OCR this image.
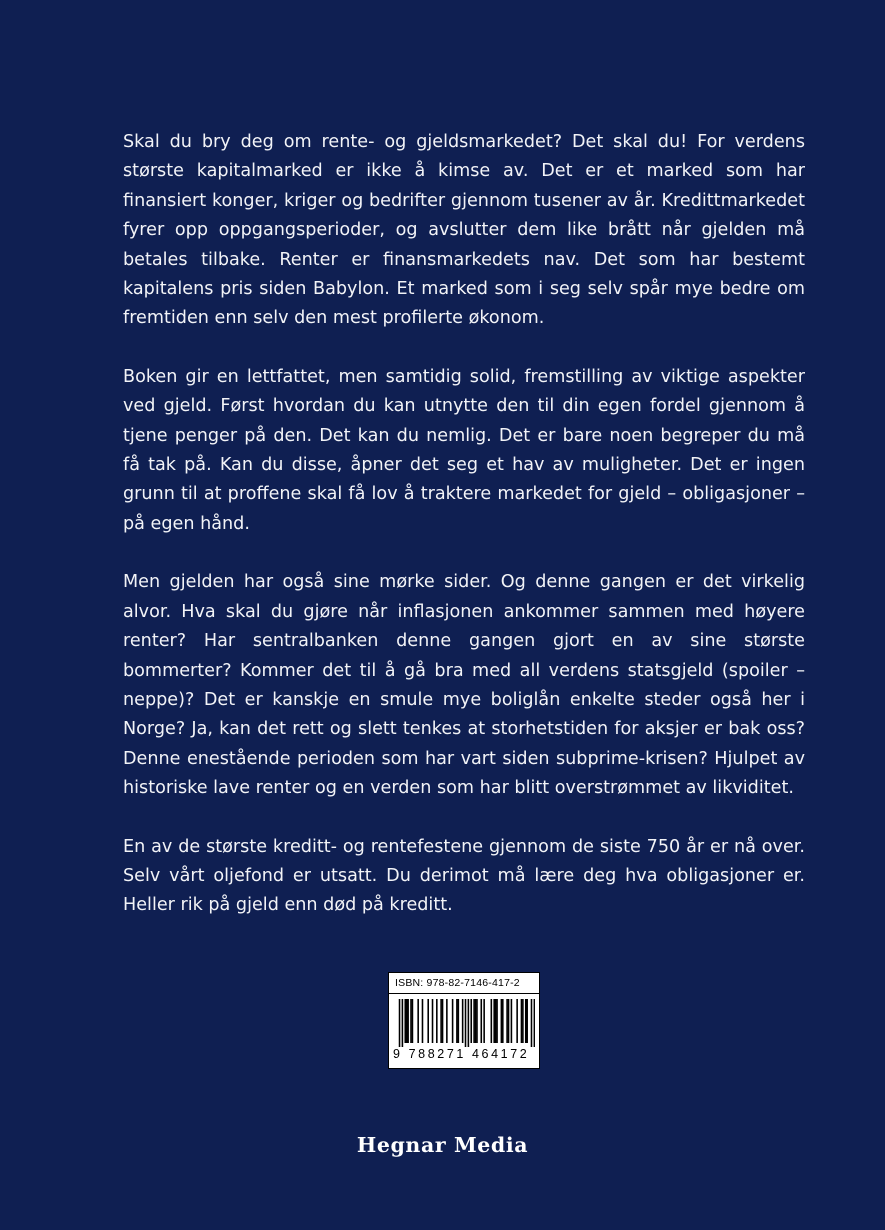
Skal du bry deg om rente- og gjeldsmarkedet? Det skal du! For verdens største kapitalmarked er ikke å kimse av. Det er et marked som har finansiert konger, kriger og bedrifter gjennom tusener av år. Kredittmarkedet fyrer opp oppgangsperioder, og avslutter dem like brått når gjelden må betales tilbake. Renter er finansmarkedets nav. Det som har bestemt kapitalens pris siden Babylon. Et marked som i seg selv spår mye bedre om fremtiden enn selv den mest profilerte økonom.

Boken gir en lettfattet, men samtidig solid, fremstilling av viktige aspekter ved gjeld. Først hvordan du kan utnytte den til din egen fordel gjennom å tjene penger på den. Det kan du nemlig. Det er bare noen begreper du må få tak på. Kan du disse, åpner det seg et hav av muligheter. Det er ingen grunn til at proffene skal få lov å traktere markedet for gjeld – obligasjoner – på egen hånd.

Men gjelden har også sine mørke sider. Og denne gangen er det virkelig alvor. Hva skal du gjøre når inflasjonen ankommer sammen med høyere renter? Har sentralbanken denne gangen gjort en av sine største bommerter? Kommer det til å gå bra med all verdens statsgjeld (spoiler – neppe)? Det er kanskje en smule mye boliglån enkelte steder også her i Norge? Ja, kan det rett og slett tenkes at storhetstiden for aksjer er bak oss? Denne enestående perioden som har vart siden subprime-krisen? Hjulpet av historiske lave renter og en verden som har blitt overstrømmet av likviditet.

En av de største kreditt- og rentefestene gjennom de siste 750 år er nå over. Selv vårt oljefond er utsatt. Du derimot må lære deg hva obligasjoner er. Heller rik på gjeld enn død på kreditt.

ISBN: 978-82-7146-417-2
9 788271 464172
Hegnar Media
